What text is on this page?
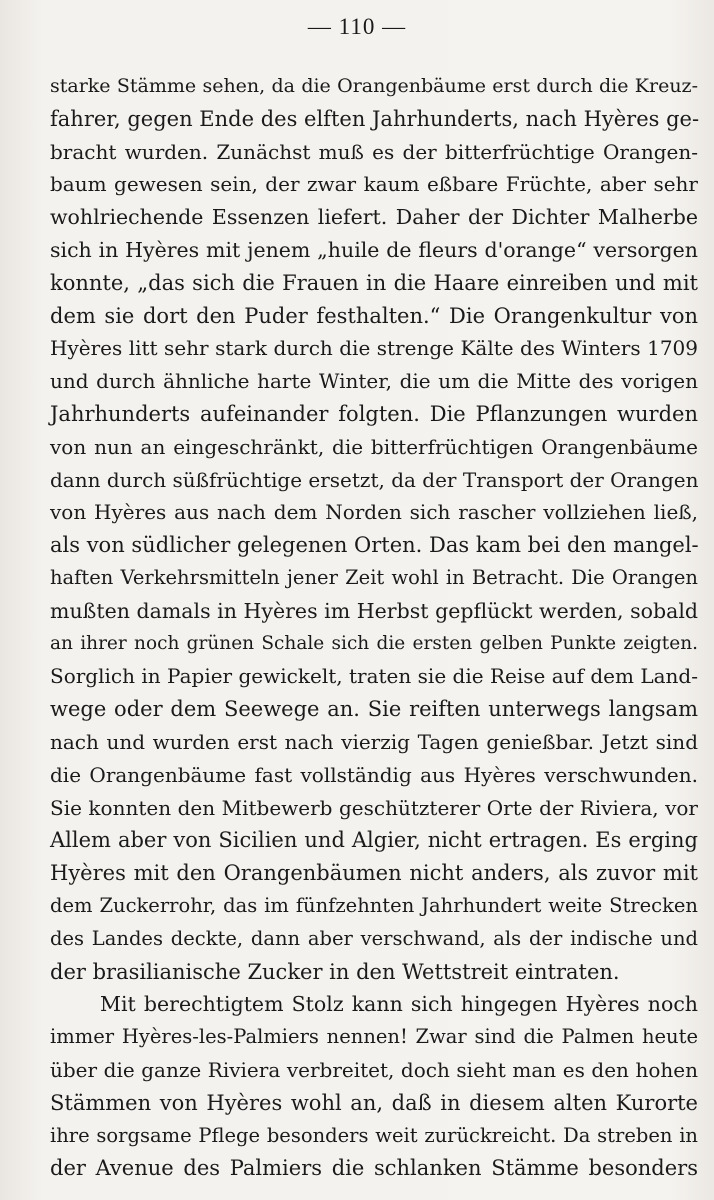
— 110 —
starke Stämme sehen, da die Orangenbäume erst durch die Kreuz-
fahrer, gegen Ende des elften Jahrhunderts, nach Hyères ge-
bracht wurden. Zunächst muß es der bitterfrüchtige Orangen-
baum gewesen sein, der zwar kaum eßbare Früchte, aber sehr
wohlriechende Essenzen liefert. Daher der Dichter Malherbe
sich in Hyères mit jenem „huile de fleurs d'orange“ versorgen
konnte, „das sich die Frauen in die Haare einreiben und mit
dem sie dort den Puder festhalten.“ Die Orangenkultur von
Hyères litt sehr stark durch die strenge Kälte des Winters 1709
und durch ähnliche harte Winter, die um die Mitte des vorigen
Jahrhunderts aufeinander folgten. Die Pflanzungen wurden
von nun an eingeschränkt, die bitterfrüchtigen Orangenbäume
dann durch süßfrüchtige ersetzt, da der Transport der Orangen
von Hyères aus nach dem Norden sich rascher vollziehen ließ,
als von südlicher gelegenen Orten. Das kam bei den mangel-
haften Verkehrsmitteln jener Zeit wohl in Betracht. Die Orangen
mußten damals in Hyères im Herbst gepflückt werden, sobald
an ihrer noch grünen Schale sich die ersten gelben Punkte zeigten.
Sorglich in Papier gewickelt, traten sie die Reise auf dem Land-
wege oder dem Seewege an. Sie reiften unterwegs langsam
nach und wurden erst nach vierzig Tagen genießbar. Jetzt sind
die Orangenbäume fast vollständig aus Hyères verschwunden.
Sie konnten den Mitbewerb geschützterer Orte der Riviera, vor
Allem aber von Sicilien und Algier, nicht ertragen. Es erging
Hyères mit den Orangenbäumen nicht anders, als zuvor mit
dem Zuckerrohr, das im fünfzehnten Jahrhundert weite Strecken
des Landes deckte, dann aber verschwand, als der indische und
der brasilianische Zucker in den Wettstreit eintraten.
Mit berechtigtem Stolz kann sich hingegen Hyères noch
immer Hyères-les-Palmiers nennen! Zwar sind die Palmen heute
über die ganze Riviera verbreitet, doch sieht man es den hohen
Stämmen von Hyères wohl an, daß in diesem alten Kurorte
ihre sorgsame Pflege besonders weit zurückreicht. Da streben in
der Avenue des Palmiers die schlanken Stämme besonders
